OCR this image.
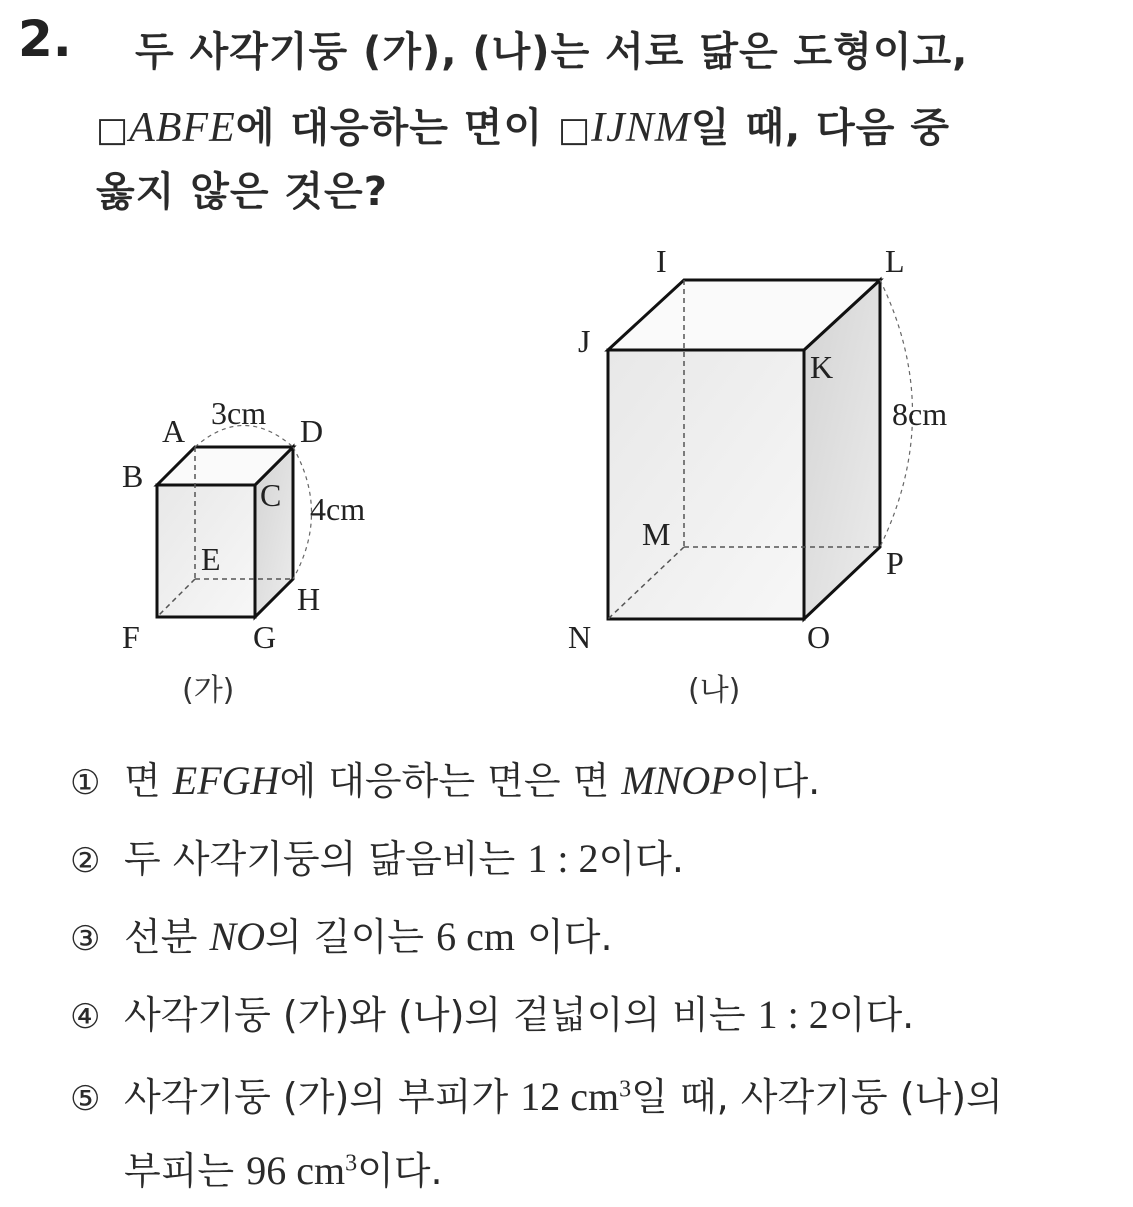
2. 두 사각기둥 (가), (나)는 서로 닮은 도형이고,
□ABFE에 대응하는 면이 □IJNM일 때, 다음 중
옳지 않은 것은?
A
B
C
D
E
F	G
H
3cm
4cm
(가)
I
J
K
L
M
N	O
P
8cm
(나)
① 면 EFGH에 대응하는 면은 면 MNOP이다.
② 두 사각기둥의 닮음비는 1 : 2이다.
③ 선분 NO의 길이는 6 cm 이다.
④ 사각기둥 (가)와 (나)의 겉넓이의 비는 1 : 2이다.
⑤ 사각기둥 (가)의 부피가 12 $cm^3$일 때, 사각기둥 (나)의
부피는 96 $cm^3$이다.
